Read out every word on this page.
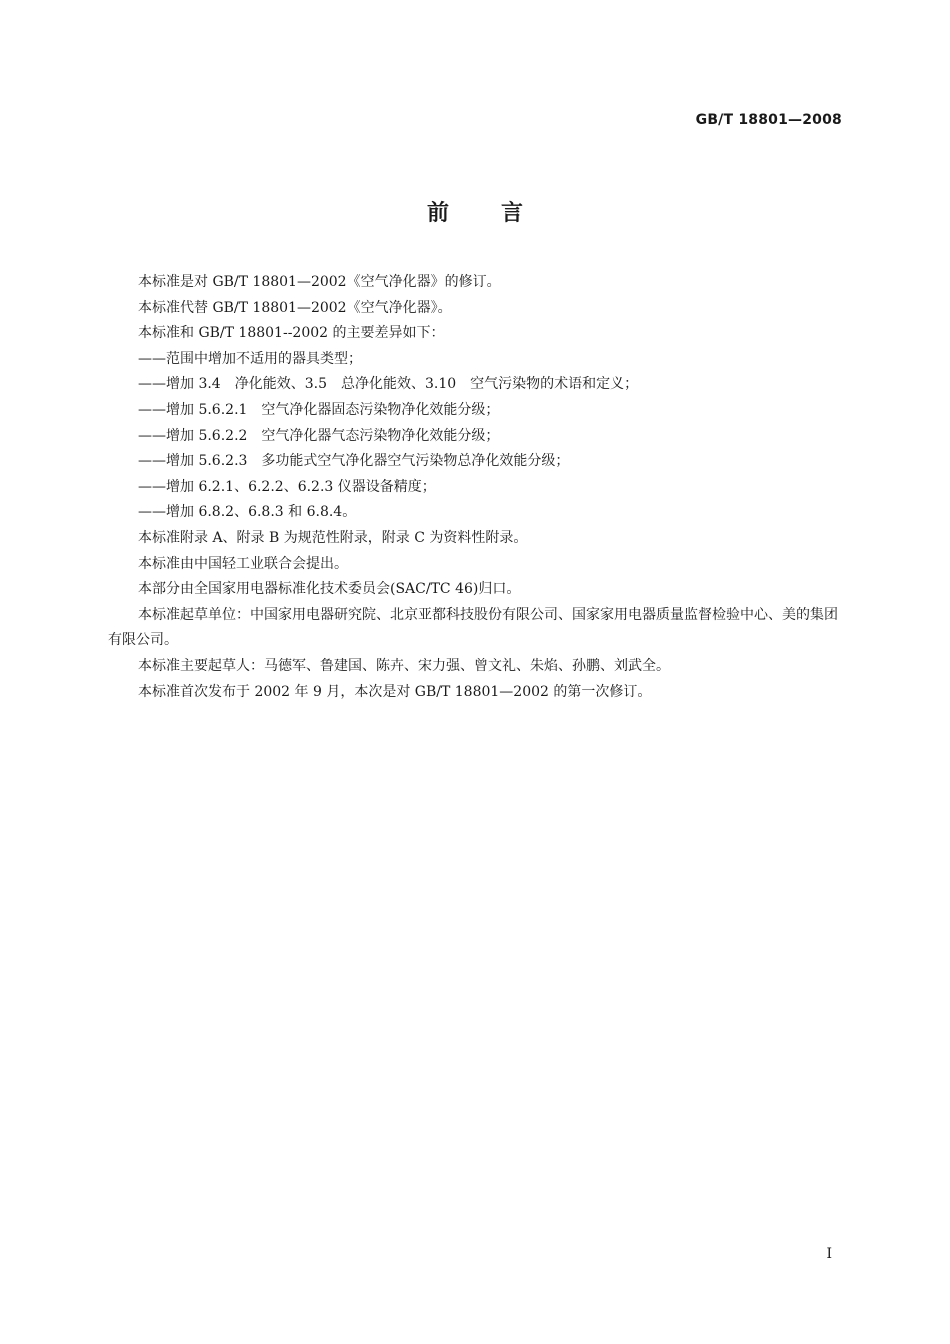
GB/T 18801—2008
前言

本标准是对 GB/T 18801—2002《空气净化器》的修订。

本标准代替 GB/T 18801—2002《空气净化器》。

本标准和 GB/T 18801--2002 的主要差异如下：

——范围中增加不适用的器具类型；

——增加 3.4　净化能效、3.5　总净化能效、3.10　空气污染物的术语和定义；

——增加 5.6.2.1　空气净化器固态污染物净化效能分级；

——增加 5.6.2.2　空气净化器气态污染物净化效能分级；

——增加 5.6.2.3　多功能式空气净化器空气污染物总净化效能分级；

——增加 6.2.1、6.2.2、6.2.3 仪器设备精度；

——增加 6.8.2、6.8.3 和 6.8.4。

本标准附录 A、附录 B 为规范性附录，附录 C 为资料性附录。

本标准由中国轻工业联合会提出。

本部分由全国家用电器标准化技术委员会(SAC/TC 46)归口。

本标准起草单位：中国家用电器研究院、北京亚都科技股份有限公司、国家家用电器质量监督检验中心、美的集团有限公司。

本标准主要起草人：马德军、鲁建国、陈卉、宋力强、曾文礼、朱焰、孙鹏、刘武全。

本标准首次发布于 2002 年 9 月，本次是对 GB/T 18801—2002 的第一次修订。

I
